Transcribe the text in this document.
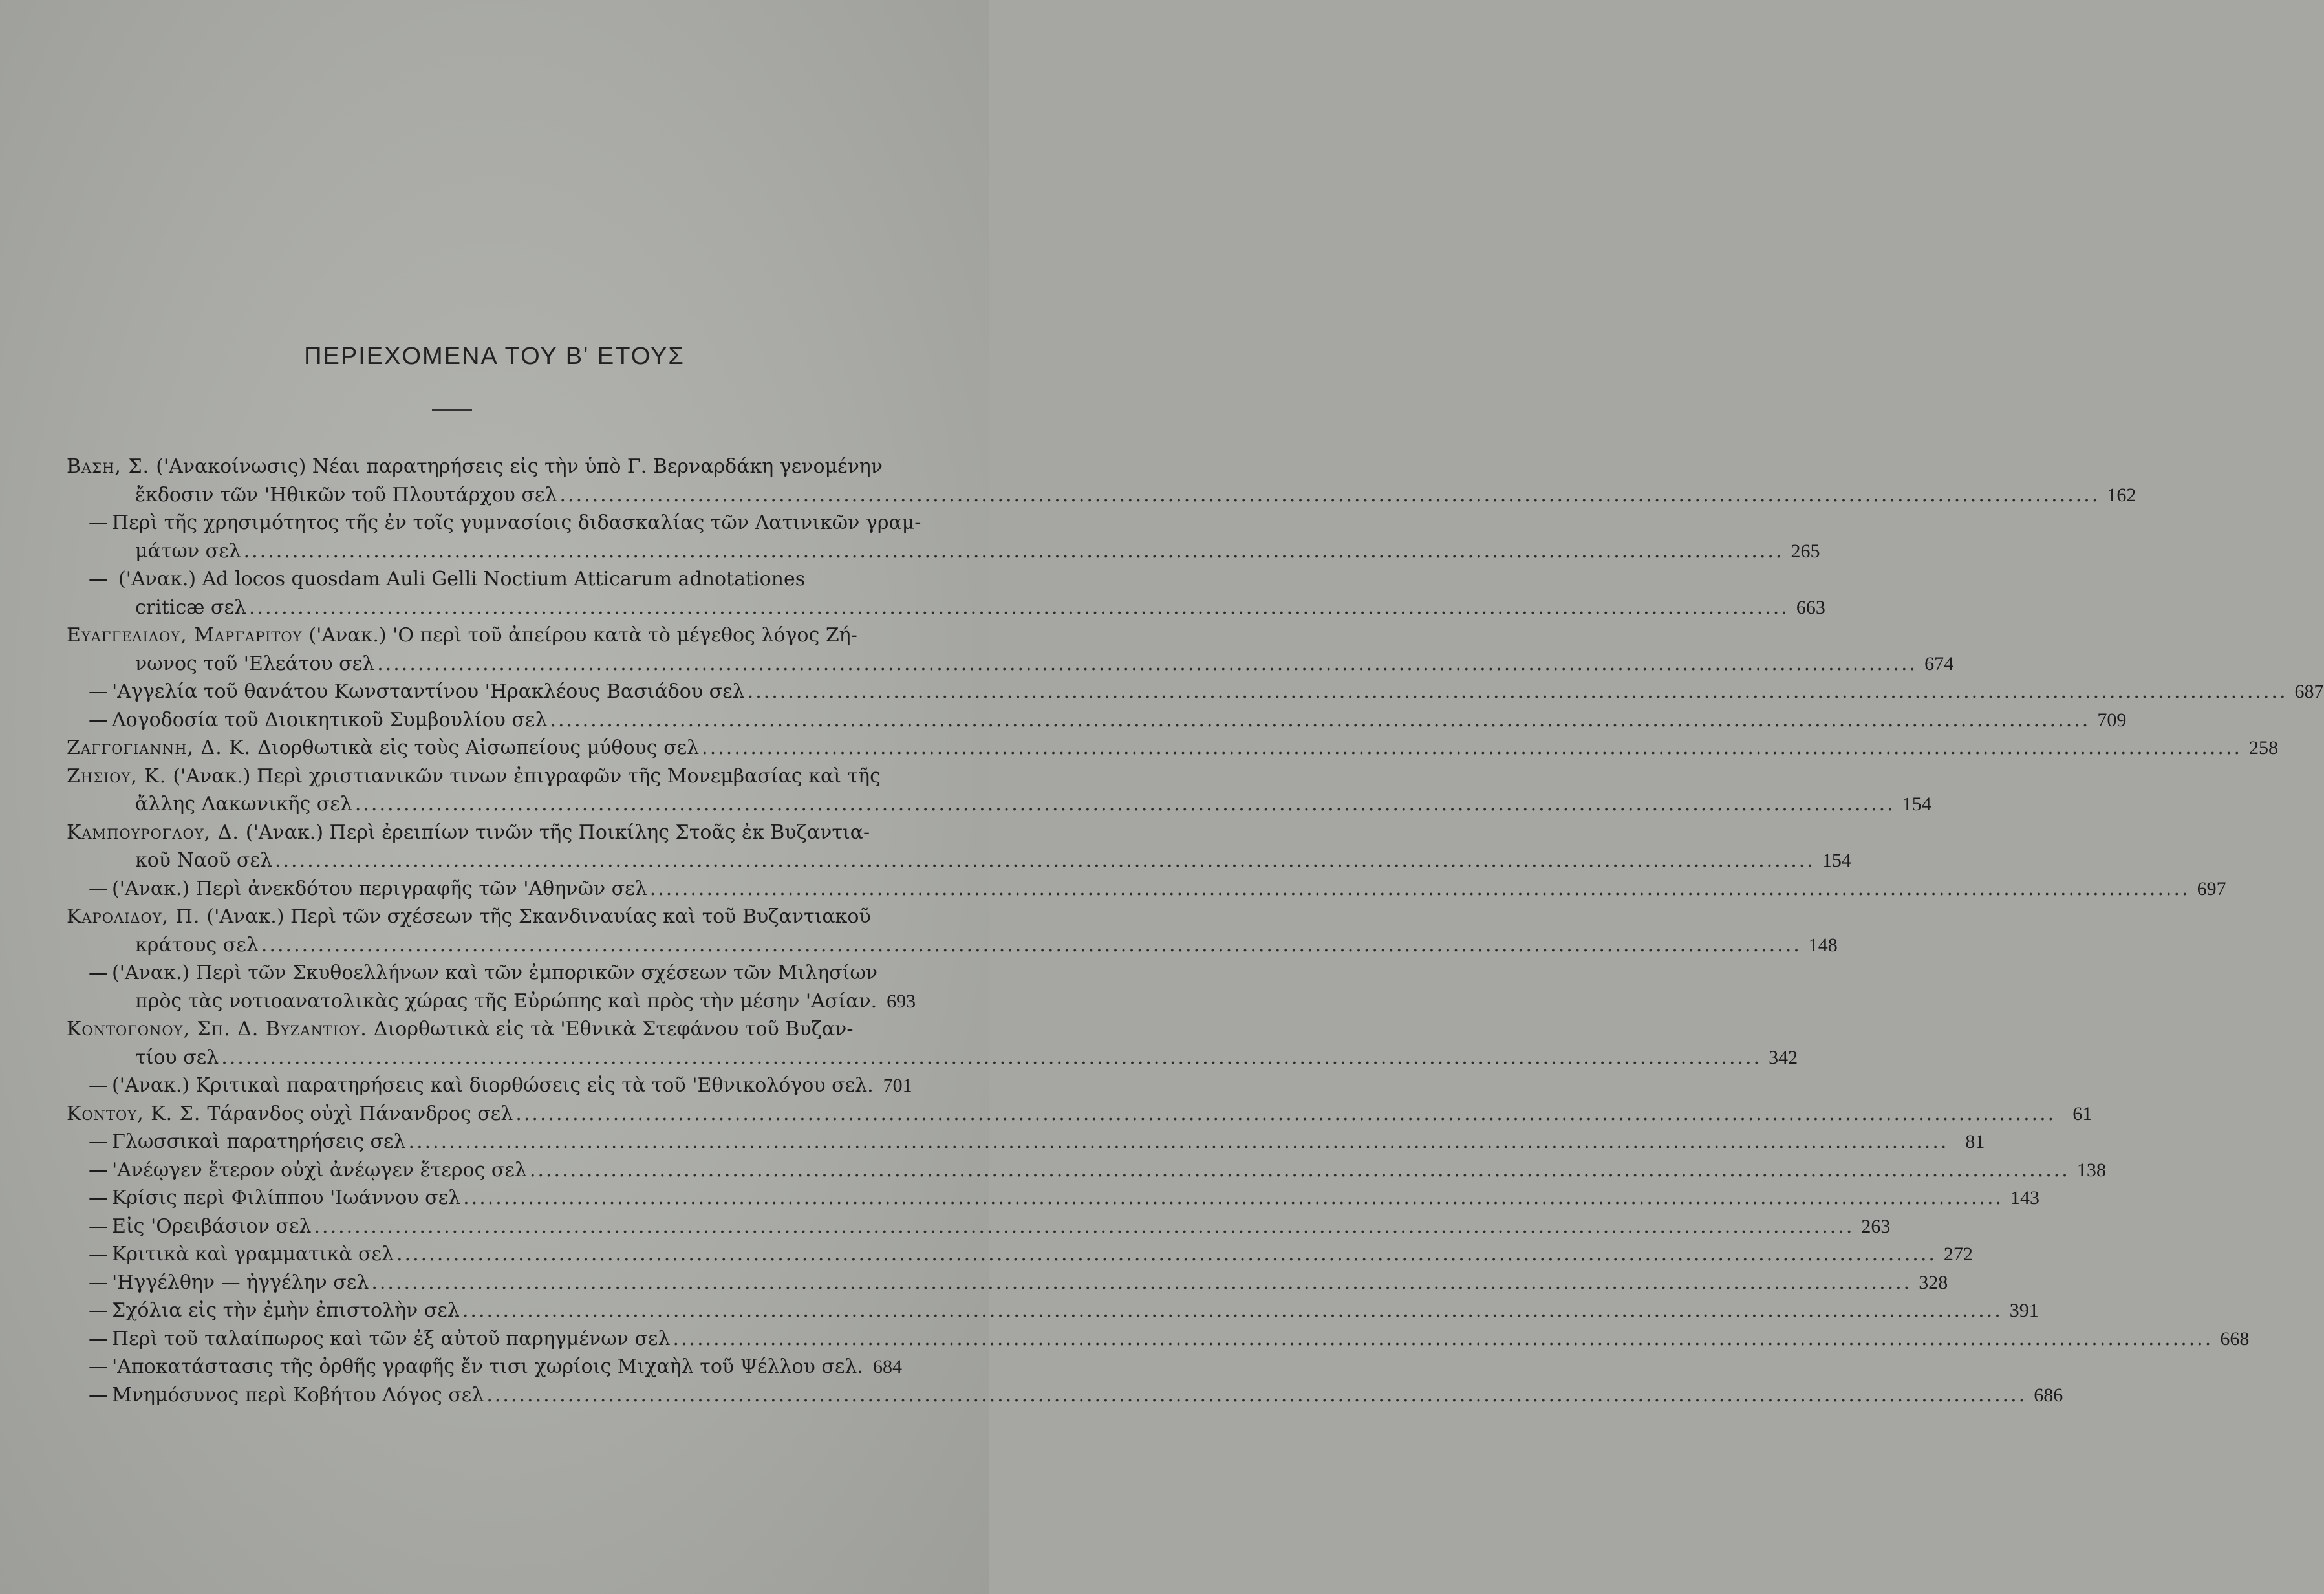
ΠΕΡΙΕΧΟΜΕΝΑ ΤΟΥ Β' ΕΤΟΥΣ
Βαση, Σ. ('Ανακοίνωσις) Νέαι παρατηρήσεις εἰς τὴν ὑπὸ Γ. Βερναρδάκη γενομένην
ἔκδοσιν τῶν 'Ηθικῶν τοῦ Πλουτάρχου σελ .....	162
— Περὶ τῆς χρησιμότητος τῆς ἐν τοῖς γυμνασίοις διδασκαλίας τῶν Λατινικῶν γραμ-
μάτων σελ .....	265
— ('Ανακ.) Ad locos quosdam Auli Gelli Noctium Atticarum adnotationes
criticæ σελ .....	663
Ευαγγελιδου, Μαργαριτου ('Ανακ.) 'Ο περὶ τοῦ ἀπείρου κατὰ τὸ μέγεθος λόγος Ζή-
νωνος τοῦ 'Ελεάτου σελ .....	674
— 'Αγγελία τοῦ θανάτου Κωνσταντίνου 'Ηρακλέους Βασιάδου σελ .....	687
— Λογοδοσία τοῦ Διοικητικοῦ Συμβουλίου σελ .....	709
Ζαγγογιαννη, Δ. Κ. Διορθωτικὰ εἰς τοὺς Αἰσωπείους μύθους σελ .....	258
Ζησιου, Κ. ('Ανακ.) Περὶ χριστιανικῶν τινων ἐπιγραφῶν τῆς Μονεμβασίας καὶ τῆς
ἄλλης Λακωνικῆς σελ .....	154
Καμπουρογλου, Δ. ('Ανακ.) Περὶ ἐρειπίων τινῶν τῆς Ποικίλης Στοᾶς ἐκ Βυζαντια-
κοῦ Ναοῦ σελ .....	154
— ('Ανακ.) Περὶ ἀνεκδότου περιγραφῆς τῶν 'Αθηνῶν σελ .....	697
Καρολιδου, Π. ('Ανακ.) Περὶ τῶν σχέσεων τῆς Σκανδιναυίας καὶ τοῦ Βυζαντιακοῦ
κράτους σελ .....	148
— ('Ανακ.) Περὶ τῶν Σκυθοελλήνων καὶ τῶν ἐμπορικῶν σχέσεων τῶν Μιλησίων
πρὸς τὰς νοτιοανατολικὰς χώρας τῆς Εὐρώπης καὶ πρὸς τὴν μέσην 'Ασίαν. 693
Κοντογονου, Σπ. Δ. Βυζαντιου. Διορθωτικὰ εἰς τὰ 'Εθνικὰ Στεφάνου τοῦ Βυζαν-
τίου σελ .....	342
— ('Ανακ.) Κριτικαὶ παρατηρήσεις καὶ διορθώσεις εἰς τὰ τοῦ 'Εθνικολόγου σελ. 701
Κοντου, Κ. Σ. Τάρανδος οὐχὶ Πάνανδρος σελ .....	61
— Γλωσσικαὶ παρατηρήσεις σελ .....	81
— 'Ανέῳγεν ἕτερον οὐχὶ ἀνέῳγεν ἕτερος σελ .....	138
— Κρίσις περὶ Φιλίππου 'Ιωάννου σελ .....	143
— Εἰς 'Ορειβάσιον σελ .....	263
— Κριτικὰ καὶ γραμματικὰ σελ .....	272
— 'Ηγγέλθην — ἠγγέλην σελ .....	328
— Σχόλια εἰς τὴν ἐμὴν ἐπιστολὴν σελ .....	391
— Περὶ τοῦ ταλαίπωρος καὶ τῶν ἐξ αὐτοῦ παρηγμένων σελ .....	668
— 'Αποκατάστασις τῆς ὀρθῆς γραφῆς ἔν τισι χωρίοις Μιχαὴλ τοῦ Ψέλλου σελ. 684
— Μνημόσυνος περὶ Κοβήτου Λόγος σελ .....	686
